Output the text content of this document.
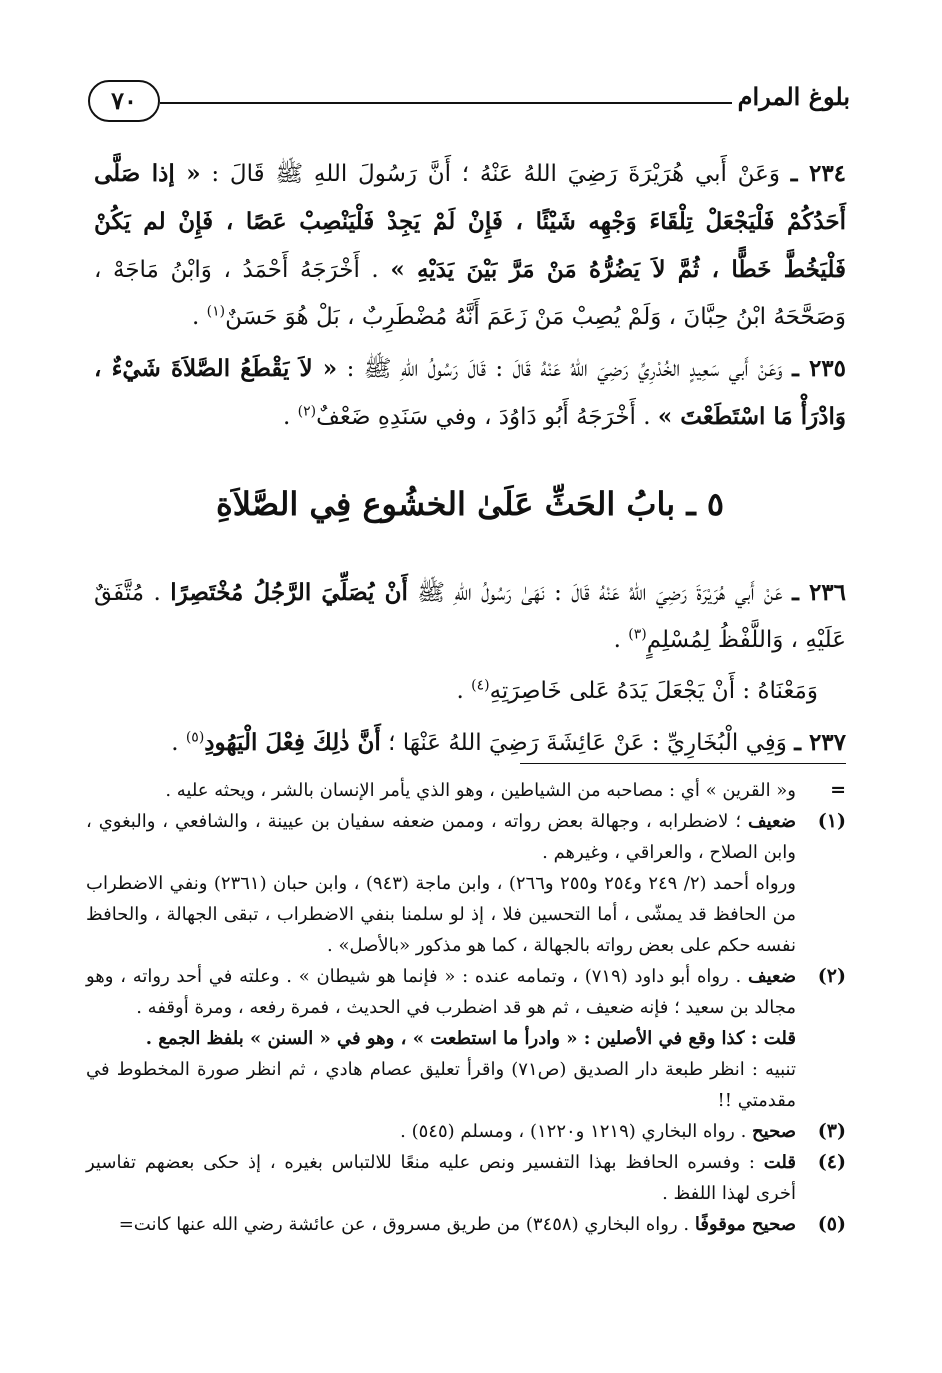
بلوغ المرام
٧٠

٢٣٤ ـ وَعَنْ أَبي هُرَيْرَةَ رَضِيَ اللهُ عَنْهُ ؛ أَنَّ رَسُولَ اللهِ ﷺ قَالَ : « إذا صَلَّى أَحَدُكُمْ فَلْيَجْعَلْ تِلْقَاءَ وَجْهِه شَيْئًا ، فَإِنْ لَمْ يَجِدْ فَلْيَنْصِبْ عَصًا ، فَإِنْ لم يَكُنْ فَلْيَخُطَّ خَطًّا ، ثُمَّ لاَ يَضُرُّهُ مَنْ مَرَّ بَيْنَ يَدَيْهِ » . أَخْرَجَهُ أَحْمَدُ ، وَابْنُ مَاجَهْ ، وَصَحَّحَهُ ابْنُ حِبَّانَ ، وَلَمْ يُصِبْ مَنْ زَعَمَ أَنَّهُ مُضْطَرِبٌ ، بَلْ هُوَ حَسَنٌ$^{(١)}$ .

٢٣٥ ـ وَعَنْ أَبي سَعِيدٍ الخُدْرِيِّ رَضِيَ اللهُ عَنْهُ قَالَ : قَالَ رَسُولُ اللهِ ﷺ : « لاَ يَقْطَعُ الصَّلاَةَ شَيْءٌ ، وَادْرَأْ مَا اسْتَطَعْتَ » . أَخْرَجَهُ أَبُو دَاوُدَ ، وفي سَنَدِهِ ضَعْفٌ$^{(٢)}$ .

٥ ـ بابُ الحَثِّ عَلَىٰ الخشُوع فِي الصَّلاَةِ

٢٣٦ ـ عَنْ أَبي هُرَيْرَةَ رَضِيَ اللهُ عَنْهُ قَالَ : نَهَىٰ رَسُولُ اللهِ ﷺ أَنْ يُصَلِّيَ الرَّجُلُ مُخْتَصِرًا . مُتَّفَقٌ عَلَيْهِ ، وَاللَّفْظُ لِمُسْلِمٍ$^{(٣)}$ .

وَمَعْنَاهُ : أَنْ يَجْعَلَ يَدَهُ عَلى خَاصِرَتِهِ$^{(٤)}$ .

٢٣٧ ـ وَفِي الْبُخَارِيِّ : عَنْ عَائِشَةَ رَضِيَ اللهُ عَنْهَا ؛ أَنَّ ذٰلِكَ فِعْلَ الْيَهُودِ$^{(٥)}$ .

=

و« القرين » أي : مصاحبه من الشياطين ، وهو الذي يأمر الإنسان بالشر ، ويحثه عليه .

(١)

ضعيف ؛ لاضطرابه ، وجهالة بعض رواته ، وممن ضعفه سفيان بن عيينة ، والشافعي ، والبغوي ، وابن الصلاح ، والعراقي ، وغيرهم .

ورواه أحمد (٢/ ٢٤٩ و٢٥٤ و٢٥٥ و٢٦٦) ، وابن ماجة (٩٤٣) ، وابن حبان (٢٣٦١) ونفي الاضطراب من الحافظ قد يمشّى ، أما التحسين فلا ، إذ لو سلمنا بنفي الاضطراب ، تبقى الجهالة ، والحافظ نفسه حكم على بعض رواته بالجهالة ، كما هو مذكور «بالأصل» .

(٢)

ضعيف . رواه أبو داود (٧١٩) ، وتمامه عنده : « فإنما هو شيطان » . وعلته في أحد رواته ، وهو مجالد بن سعيد ؛ فإنه ضعيف ، ثم هو قد اضطرب في الحديث ، فمرة رفعه ، ومرة أوقفه .

قلت : كذا وقع في الأصلين : « وادرأ ما استطعت » ، وهو في « السنن » بلفظ الجمع .

تنبيه : انظر طبعة دار الصديق (ص٧١) واقرأ تعليق عصام هادي ، ثم انظر صورة المخطوط في مقدمتي !!

(٣)

صحيح . رواه البخاري (١٢١٩ و١٢٢٠) ، ومسلم (٥٤٥) .

(٤)

قلت : وفسره الحافظ بهذا التفسير ونص عليه منعًا للالتباس بغيره ، إذ حكى بعضهم تفاسير أخرى لهذا اللفظ .

(٥)

صحيح موقوفًا . رواه البخاري (٣٤٥٨) من طريق مسروق ، عن عائشة رضي الله عنها كانت=
